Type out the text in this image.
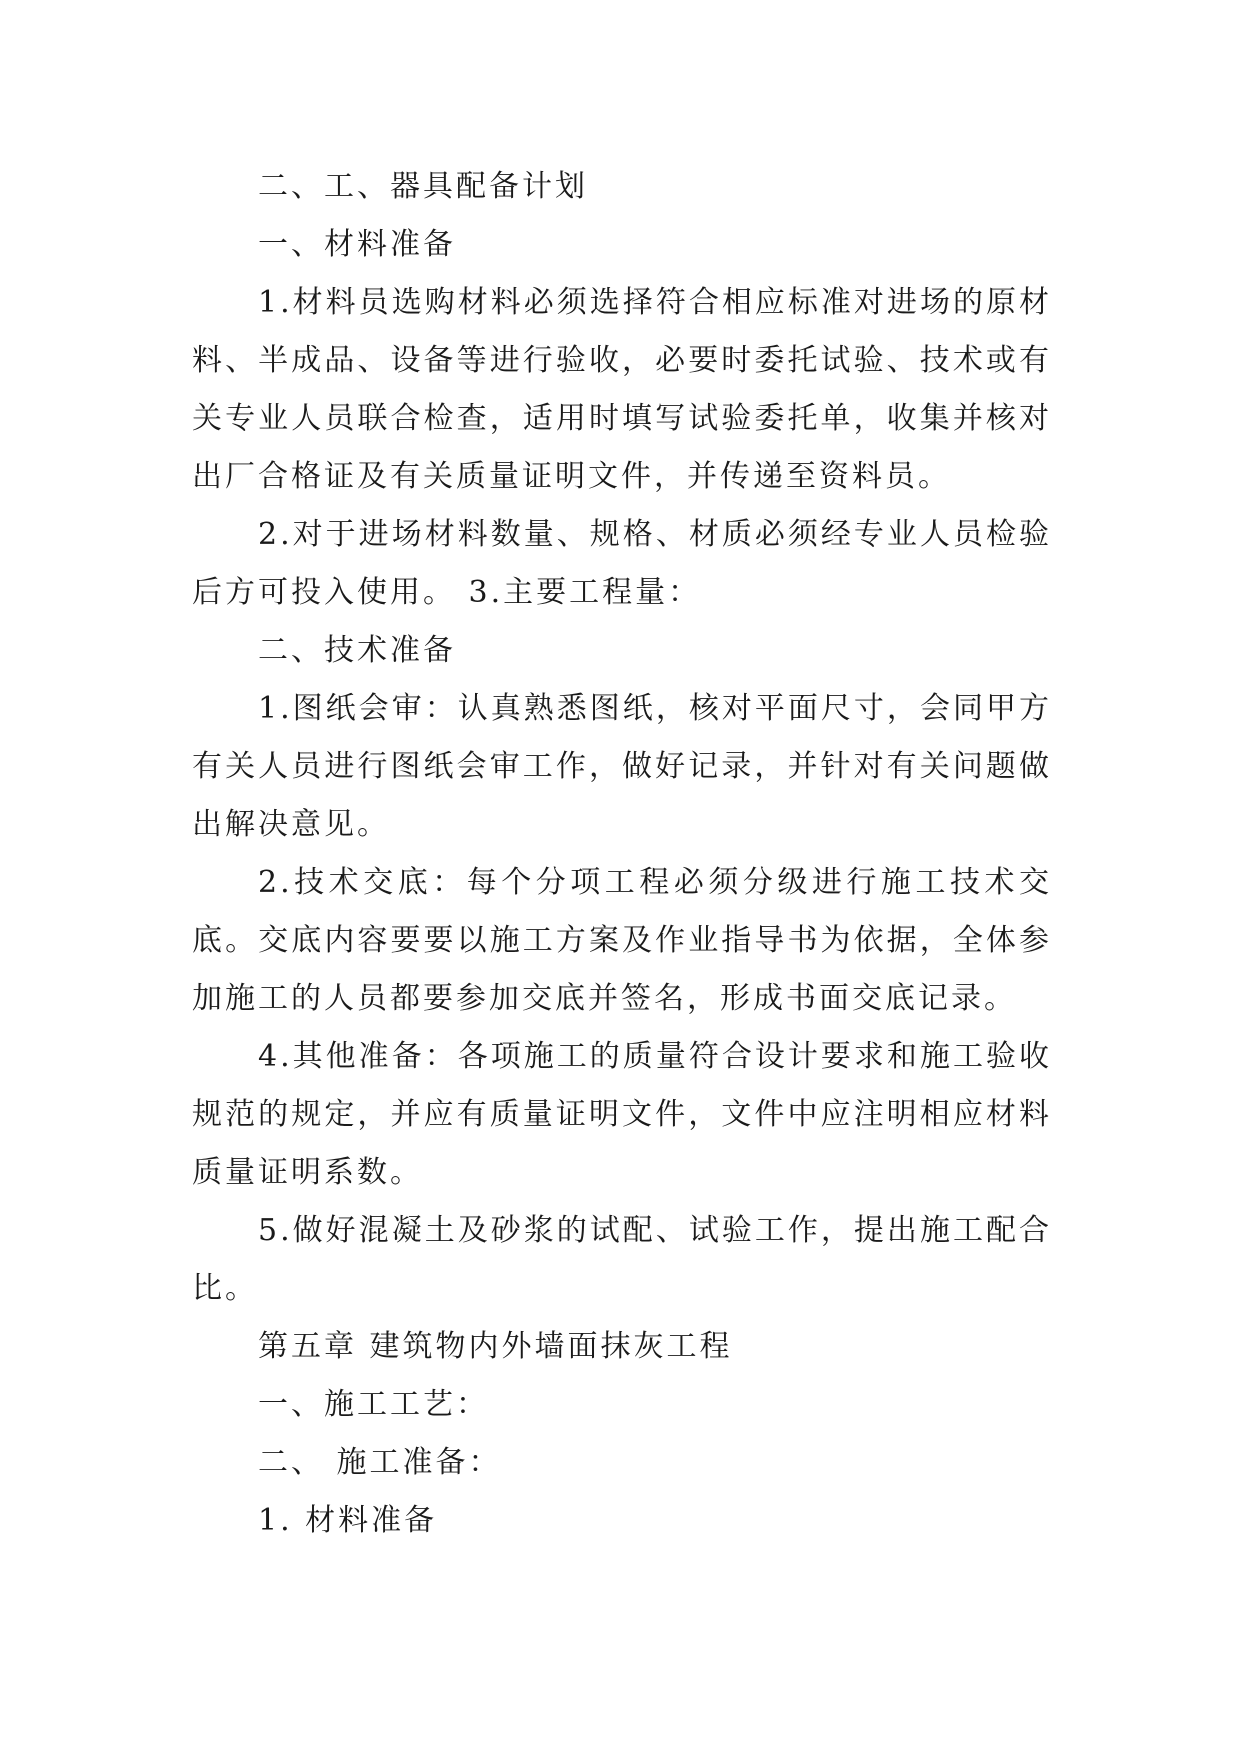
二、工、器具配备计划

一、材料准备

1.材料员选购材料必须选择符合相应标准对进场的原材料、半成品、设备等进行验收，必要时委托试验、技术或有关专业人员联合检查，适用时填写试验委托单，收集并核对出厂合格证及有关质量证明文件，并传递至资料员。

2.对于进场材料数量、规格、材质必须经专业人员检验后方可投入使用。 3.主要工程量：

二、技术准备

1.图纸会审：认真熟悉图纸，核对平面尺寸，会同甲方有关人员进行图纸会审工作，做好记录，并针对有关问题做出解决意见。

2.技术交底：每个分项工程必须分级进行施工技术交底。交底内容要要以施工方案及作业指导书为依据，全体参加施工的人员都要参加交底并签名，形成书面交底记录。

4.其他准备：各项施工的质量符合设计要求和施工验收规范的规定，并应有质量证明文件，文件中应注明相应材料质量证明系数。

5.做好混凝土及砂浆的试配、试验工作，提出施工配合比。

第五章 建筑物内外墙面抹灰工程

一、施工工艺：

二、 施工准备：

1. 材料准备
